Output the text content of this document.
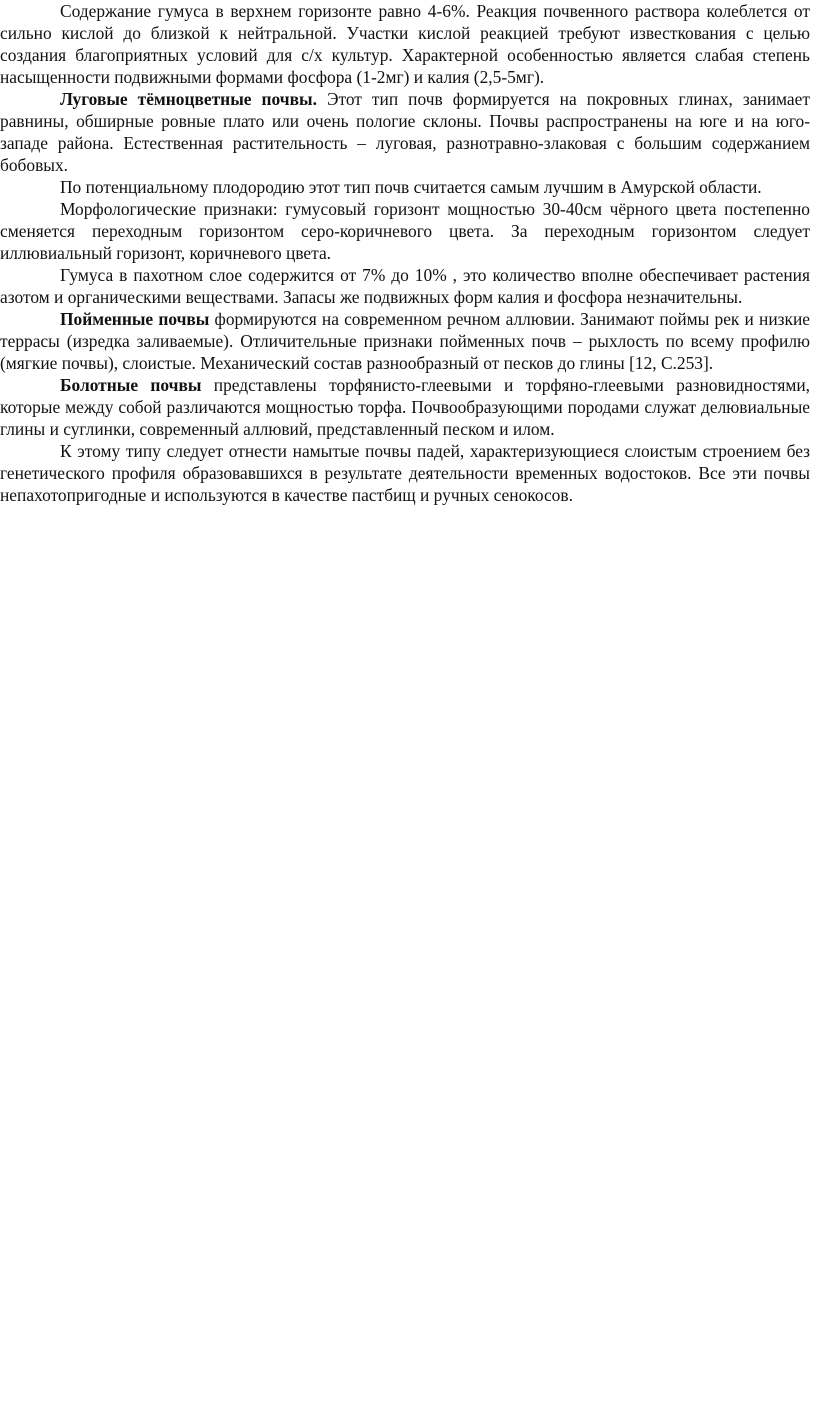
Содержание гумуса в верхнем горизонте равно 4-6%. Реакция почвенного раствора колеблется от сильно кислой до близкой к нейтральной. Участки кислой реакцией требуют известкования с целью создания благоприятных условий для с/х культур. Характерной особенностью является слабая степень насыщенности подвижными формами фосфора (1-2мг) и калия (2,5-5мг).

Луговые тёмноцветные почвы. Этот тип почв формируется на покровных глинах, занимает равнины, обширные ровные плато или очень пологие склоны. Почвы распространены на юге и на юго-западе района. Естественная растительность – луговая, разнотравно-злаковая с большим содержанием бобовых.

По потенциальному плодородию этот тип почв считается самым лучшим в Амурской области.

Морфологические признаки: гумусовый горизонт мощностью 30-40см чёрного цвета постепенно сменяется переходным горизонтом серо-коричневого цвета. За переходным горизонтом следует иллювиальный горизонт, коричневого цвета.

Гумуса в пахотном слое содержится от 7% до 10% , это количество вполне обеспечивает растения азотом и органическими веществами. Запасы же подвижных форм калия и фосфора незначительны.

Пойменные почвы формируются на современном речном аллювии. Занимают поймы рек и низкие террасы (изредка заливаемые). Отличительные признаки пойменных почв – рыхлость по всему профилю (мягкие почвы), слоистые. Механический состав разнообразный от песков до глины [12, С.253].

Болотные почвы представлены торфянисто-глеевыми и торфяно-глеевыми разновидностями, которые между собой различаются мощностью торфа. Почвообразующими породами служат делювиальные глины и суглинки, современный аллювий, представленный песком и илом.

К этому типу следует отнести намытые почвы падей, характеризующиеся слоистым строением без генетического профиля образовавшихся в результате деятельности временных водостоков. Все эти почвы непахотопригодные и используются в качестве пастбищ и ручных сенокосов.
